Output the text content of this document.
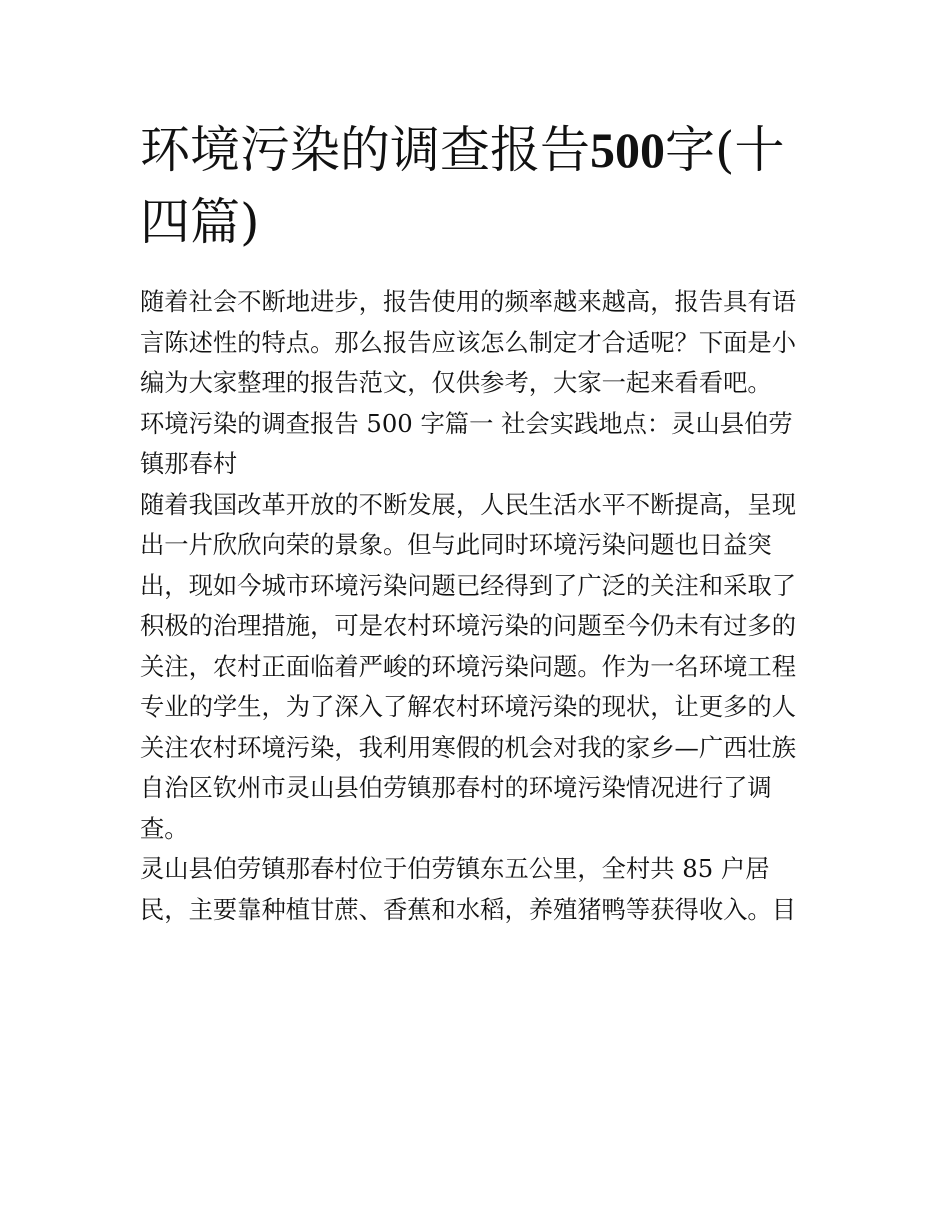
环境污染的调查报告500字(十
四篇)
随着社会不断地进步，报告使用的频率越来越高，报告具有语
言陈述性的特点。那么报告应该怎么制定才合适呢？下面是小
编为大家整理的报告范文，仅供参考，大家一起来看看吧。
环境污染的调查报告 500 字篇一 社会实践地点：灵山县伯劳
镇那春村
随着我国改革开放的不断发展，人民生活水平不断提高，呈现
出一片欣欣向荣的景象。但与此同时环境污染问题也日益突
出，现如今城市环境污染问题已经得到了广泛的关注和采取了
积极的治理措施，可是农村环境污染的问题至今仍未有过多的
关注，农村正面临着严峻的环境污染问题。作为一名环境工程
专业的学生，为了深入了解农村环境污染的现状，让更多的人
关注农村环境污染，我利用寒假的机会对我的家乡—广西壮族
自治区钦州市灵山县伯劳镇那春村的环境污染情况进行了调
查。
灵山县伯劳镇那春村位于伯劳镇东五公里，全村共 85 户居
民，主要靠种植甘蔗、香蕉和水稻，养殖猪鸭等获得收入。目
